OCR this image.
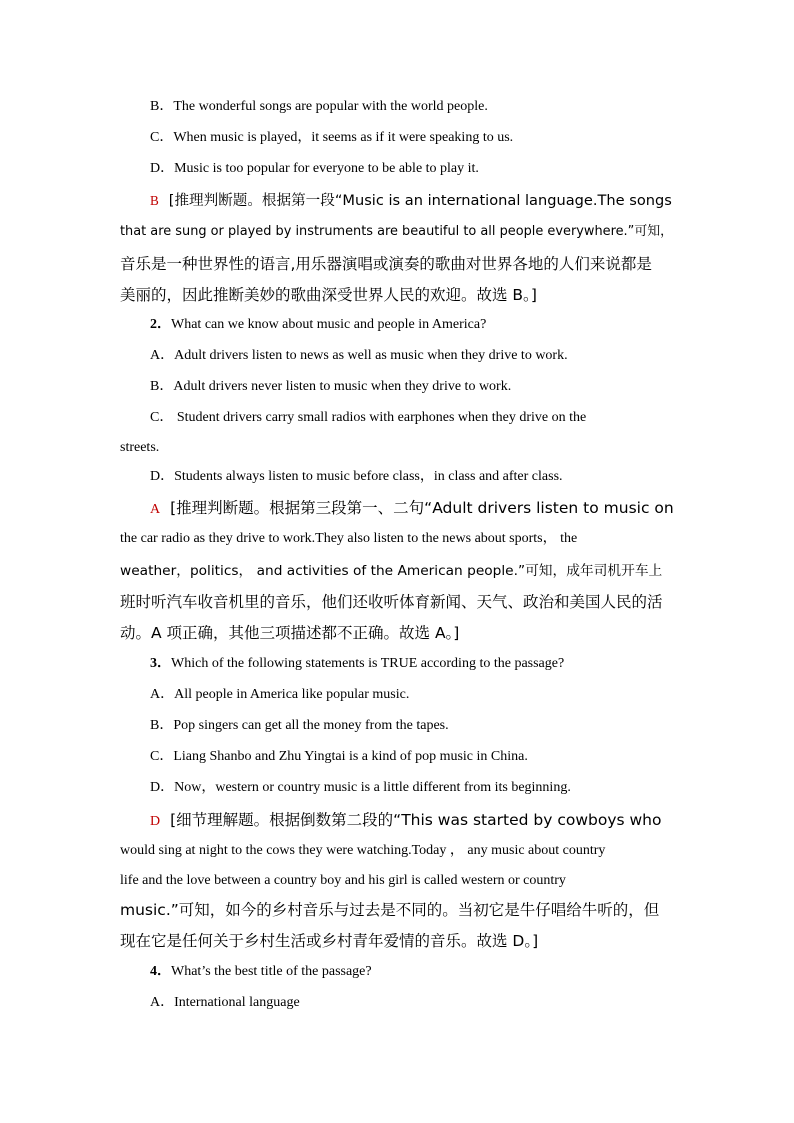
B．The wonderful songs are popular with the world people.
C．When music is played，it seems as if it were speaking to us.
D．Music is too popular for everyone to be able to play it.
B [推理判断题。根据第一段“Music is an international language.The songs
that are sung or played by instruments are beautiful to all people everywhere.”可知，
音乐是一种世界性的语言,用乐器演唱或演奏的歌曲对世界各地的人们来说都是
美丽的，因此推断美妙的歌曲深受世界人民的欢迎。故选 B。]
2．What can we know about music and people in America?
A．Adult drivers listen to news as well as music when they drive to work.
B．Adult drivers never listen to music when they drive to work.
C． Student drivers carry small radios with earphones when they drive on the
streets.
D．Students always listen to music before class，in class and after class.
A [推理判断题。根据第三段第一、二句“Adult drivers listen to music on
the car radio as they drive to work.They also listen to the news about sports， the
weather，politics， and activities of the American people.”可知，成年司机开车上
班时听汽车收音机里的音乐，他们还收听体育新闻、天气、政治和美国人民的活
动。A 项正确，其他三项描述都不正确。故选 A。]
3．Which of the following statements is TRUE according to the passage?
A．All people in America like popular music.
B．Pop singers can get all the money from the tapes.
C．Liang Shanbo and Zhu Yingtai is a kind of pop music in China.
D．Now，western or country music is a little different from its beginning.
D [细节理解题。根据倒数第二段的“This was started by cowboys who
would sing at night to the cows they were watching.Today ， any music about country
life and the love between a country boy and his girl is called western or country
music.”可知，如今的乡村音乐与过去是不同的。当初它是牛仔唱给牛听的，但
现在它是任何关于乡村生活或乡村青年爱情的音乐。故选 D。]
4．What’s the best title of the passage?
A．International language
